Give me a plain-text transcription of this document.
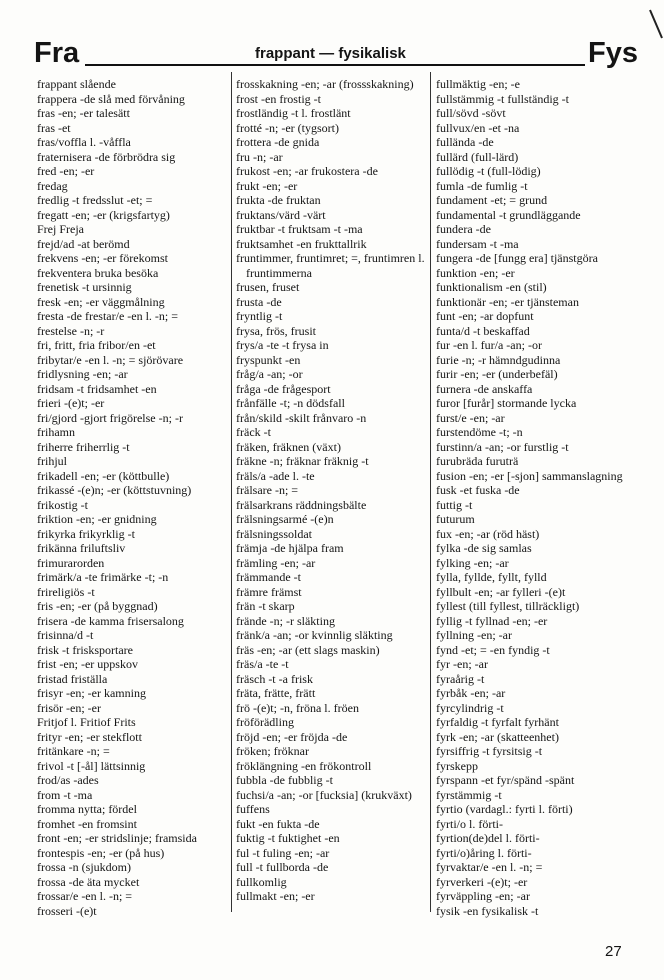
Fra	frappant — fysikalisk	Fys
frappant slående
frappera -de slå med förvåning
fras -en; -er talesätt
fras -et
fras/voffla l. -våffla
fraternisera -de förbrödra sig
fred -en; -er
fredag
fredlig -t fredsslut -et; =
fregatt -en; -er (krigsfartyg)
Frej Freja
frejd/ad -at berömd
frekvens -en; -er förekomst
frekventera bruka besöka
frenetisk -t ursinnig
fresk -en; -er väggmålning
fresta -de frestar/e -en l. -n; =
frestelse -n; -r
fri, fritt, fria fribor/en -et
fribytar/e -en l. -n; = sjörövare
fridlysning -en; -ar
fridsam -t fridsamhet -en
frieri -(e)t; -er
fri/gjord -gjort frigörelse -n; -r
frihamn
friherre friherrlig -t
frihjul
frikadell -en; -er (köttbulle)
frikassé -(e)n; -er (köttstuvning)
frikostig -t
friktion -en; -er gnidning
frikyrka frikyrklig -t
frikänna friluftsliv
frimurarorden
frimärk/a -te frimärke -t; -n
frireligiös -t
fris -en; -er (på byggnad)
frisera -de kamma frisersalong
frisinna/d -t
frisk -t frisksportare
frist -en; -er uppskov
fristad friställa
frisyr -en; -er kamning
frisör -en; -er
Fritjof l. Fritiof Frits
frityr -en; -er stekflott
fritänkare -n; =
frivol -t [-ål] lättsinnig
frod/as -ades
from -t -ma
fromma nytta; fördel
fromhet -en fromsint
front -en; -er stridslinje; framsida
frontespis -en; -er (på hus)
frossa -n (sjukdom)
frossa -de äta mycket
frossar/e -en l. -n; =
frosseri -(e)t
frosskakning -en; -ar (frossskakning)
frost -en frostig -t
frostländig -t l. frostlänt
frotté -n; -er (tygsort)
frottera -de gnida
fru -n; -ar
frukost -en; -ar frukostera -de
frukt -en; -er
frukta -de fruktan
fruktans/värd -värt
fruktbar -t fruktsam -t -ma
fruktsamhet -en frukttallrik
fruntimmer, fruntimret; =, fruntimren l. fruntimmerna
frusen, fruset
frusta -de
fryntlig -t
frysa, frös, frusit
frys/a -te -t frysa in
fryspunkt -en
fråg/a -an; -or
fråga -de frågesport
frånfälle -t; -n dödsfall
från/skild -skilt frånvaro -n
fräck -t
fräken, fräknen (växt)
fräkne -n; fräknar fräknig -t
fräls/a -ade l. -te
frälsare -n; =
frälsarkrans räddningsbälte
frälsningsarmé -(e)n
frälsningssoldat
främja -de hjälpa fram
främling -en; -ar
främmande -t
främre främst
frän -t skarp
frände -n; -r släkting
fränk/a -an; -or kvinnlig släkting
fräs -en; -ar (ett slags maskin)
fräs/a -te -t
fräsch -t -a frisk
fräta, frätte, frätt
frö -(e)t; -n, fröna l. fröen
fröförädling
fröjd -en; -er fröjda -de
fröken; fröknar
fröklängning -en frökontroll
fubbla -de fubblig -t
fuchsi/a -an; -or [fucksia] (krukväxt)
fuffens
fukt -en fukta -de
fuktig -t fuktighet -en
ful -t fuling -en; -ar
full -t fullborda -de
fullkomlig
fullmakt -en; -er
fullmäktig -en; -e
fullstämmig -t fullständig -t
full/sövd -sövt
fullvux/en -et -na
fulländа -de
fullärd (full-lärd)
fullödig -t (full-lödig)
fumla -de fumlig -t
fundament -et; = grund
fundamental -t grundläggande
fundera -de
fundersam -t -ma
fungera -de [fungg era] tjänstgöra
funktion -en; -er
funktionalism -en (stil)
funktionär -en; -er tjänsteman
funt -en; -ar dopfunt
funta/d -t beskaffad
fur -en l. fur/a -an; -or
furie -n; -r hämndgudinna
furir -en; -er (underbefäl)
furnera -de anskaffa
furor [furår] stormande lycka
furst/e -en; -ar
furstendöme -t; -n
furstinn/a -an; -or furstlig -t
furubräda furuträ
fusion -en; -er [-sjon] sammanslagning
fusk -et fuska -de
futtig -t
futurum
fux -en; -ar (röd häst)
fylka -de sig samlas
fylking -en; -ar
fylla, fyllde, fyllt, fylld
fyllbult -en; -ar fylleri -(e)t
fyllest (till fyllest, tillräckligt)
fyllig -t fyllnad -en; -er
fyllning -en; -ar
fynd -et; = -en fyndig -t
fyr -en; -ar
fyraårig -t
fyrbåk -en; -ar
fyrcylindrig -t
fyrfaldig -t fyrfalt fyrhänt
fyrk -en; -ar (skatteenhet)
fyrsiffrig -t fyrsitsig -t
fyrskepp
fyrspann -et fyr/spänd -spänt
fyrstämmig -t
fyrtio (vardagl.: fyrti l. förti)
fyrti/o l. förti-
fyrtion(de)del l. förti-
fyrti/o)åring l. förti-
fyrvaktar/e -en l. -n; =
fyrverkeri -(e)t; -er
fyrväppling -en; -ar
fysik -en fysikalisk -t
27
